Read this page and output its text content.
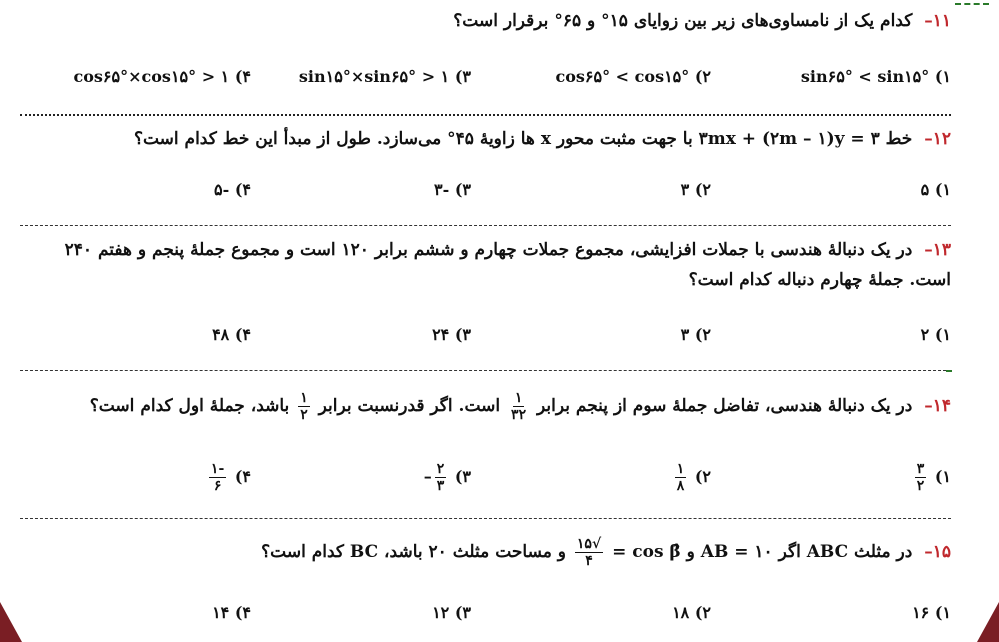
۱۱– کدام یک از نامساوی‌های زیر بین زوایای ۱۵° و ۶۵° برقرار است؟
۱) sin۶۵° < sin۱۵°
۲) cos۶۵° < cos۱۵°
۳) sin۱۵°×sin۶۵° > ۱
۴) cos۶۵°×cos۱۵° > ۱
۱۲– خط ۳mx + (۲m – ۱)y = ۳ با جهت مثبت محور x ها زاویهٔ ۴۵° می‌سازد. طول از مبدأ این خط کدام است؟
۱) ۵
۲) ۳
۳) -۳
۴) -۵
۱۳– در یک دنبالهٔ هندسی با جملات افزایشی، مجموع جملات چهارم و ششم برابر ۱۲۰ است و مجموع جملهٔ پنجم و هفتم ۲۴۰ است. جملهٔ چهارم دنباله کدام است؟
۱) ۲
۲) ۳
۳) ۲۴
۴) ۴۸
۱۴– در یک دنبالهٔ هندسی، تفاضل جملهٔ سوم از پنجم برابر
$\frac{۱}{۳۲}$
است. اگر قدرنسبت برابر
$\frac{۱}{۲}$
باشد، جملهٔ اول کدام است؟
۱)
$\frac{۳}{۲}$
۲)
$\frac{۱}{۸}$
۳)
$\frac{۲}{۳}$
–
۴)
$\frac{-۱}{۶}$
۱۵– در مثلث ABC اگر AB = ۱۰ و cos β̂ =
$\frac{√۱۵}{۴}$
و مساحت مثلث ۲۰ باشد، BC کدام است؟
۱) ۱۶
۲) ۱۸
۳) ۱۲
۴) ۱۴
